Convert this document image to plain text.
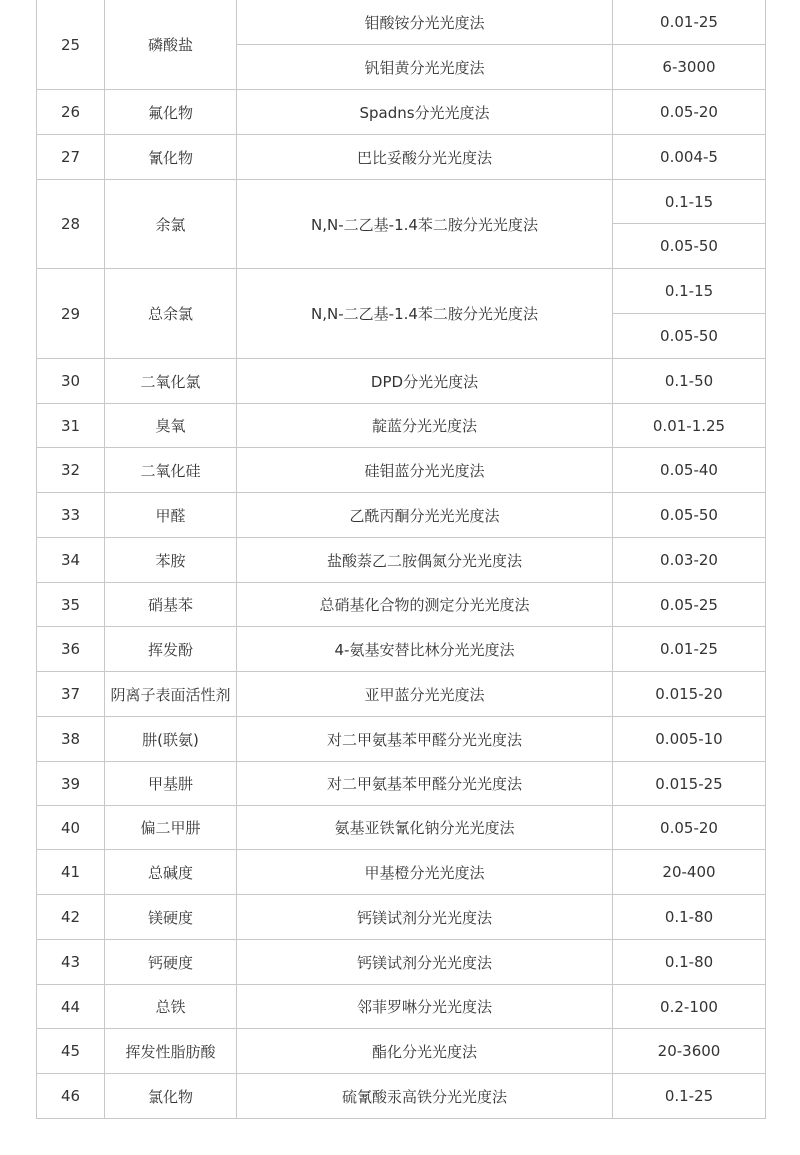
25	磷酸盐	钼酸铵分光光度法	0.01-25
		钒钼黄分光光度法	6-3000
26	氟化物	Spadns分光光度法	0.05-20
27	氰化物	巴比妥酸分光光度法	0.004-5
28	余氯	N,N-二乙基-1.4苯二胺分光光度法	0.1-15
			0.05-50
29	总余氯	N,N-二乙基-1.4苯二胺分光光度法	0.1-15
			0.05-50
30	二氧化氯	DPD分光光度法	0.1-50
31	臭氧	靛蓝分光光度法	0.01-1.25
32	二氧化硅	硅钼蓝分光光度法	0.05-40
33	甲醛	乙酰丙酮分光光光度法	0.05-50
34	苯胺	盐酸萘乙二胺偶氮分光光度法	0.03-20
35	硝基苯	总硝基化合物的测定分光光度法	0.05-25
36	挥发酚	4-氨基安替比林分光光度法	0.01-25
37	阴离子表面活性剂	亚甲蓝分光光度法	0.015-20
38	肼(联氨)	对二甲氨基苯甲醛分光光度法	0.005-10
39	甲基肼	对二甲氨基苯甲醛分光光度法	0.015-25
40	偏二甲肼	氨基亚铁氰化钠分光光度法	0.05-20
41	总碱度	甲基橙分光光度法	20-400
42	镁硬度	钙镁试剂分光光度法	0.1-80
43	钙硬度	钙镁试剂分光光度法	0.1-80
44	总铁	邻菲罗啉分光光度法	0.2-100
45	挥发性脂肪酸	酯化分光光度法	20-3600
46	氯化物	硫氰酸汞高铁分光光度法	0.1-25
